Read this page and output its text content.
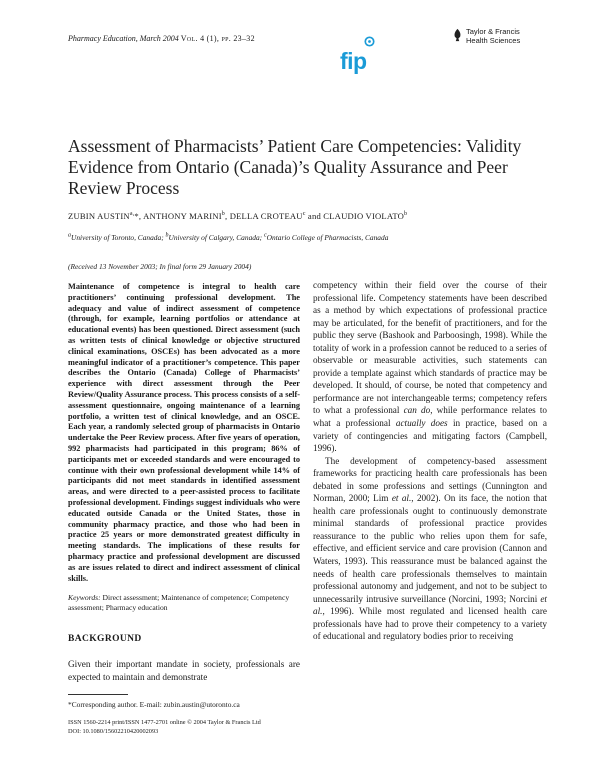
Pharmacy Education, March 2004 Vol. 4 (1), pp. 23–32
fip
Taylor & Francis
Health Sciences
Assessment of Pharmacists’ Patient Care Competencies: Validity Evidence from Ontario (Canada)’s Quality Assurance and Peer Review Process
ZUBIN $AUSTIN^{a,}*$, ANTHONY MARINI$^b$, DELLA CROTEAU$^c$ and CLAUDIO VIOLATO$^b$
$^a$University of Toronto, Canada; $^b$University of Calgary, Canada; $^c$Ontario College of Pharmacists, Canada
(Received 13 November 2003; In final form 29 January 2004)
Maintenance of competence is integral to health care practitioners’ continuing professional development. The adequacy and value of indirect assessment of competence (through, for example, learning portfolios or attendance at educational events) has been questioned. Direct assessment (such as written tests of clinical knowledge or objective structured clinical examinations, OSCEs) has been advocated as a more meaningful indicator of a practitioner’s competence. This paper describes the Ontario (Canada) College of Pharmacists’ experience with direct assessment through the Peer Review/Quality Assurance process. This process consists of a self-assessment questionnaire, ongoing maintenance of a learning portfolio, a written test of clinical knowledge, and an OSCE. Each year, a randomly selected group of pharmacists in Ontario undertake the Peer Review process. After five years of operation, 992 pharmacists had participated in this program; 86% of participants met or exceeded standards and were encouraged to continue with their own professional development while 14% of participants did not meet standards in identified assessment areas, and were directed to a peer-assisted process to facilitate professional development. Findings suggest individuals who were educated outside Canada or the United States, those in community pharmacy practice, and those who had been in practice 25 years or more demonstrated greatest difficulty in meeting standards. The implications of these results for pharmacy practice and professional development are discussed as are issues related to direct and indirect assessment of clinical skills.
Keywords: Direct assessment; Maintenance of competence; Competency assessment; Pharmacy education
BACKGROUND
Given their important mandate in society, professionals are expected to maintain and demonstrate
*Corresponding author. E-mail: zubin.austin@utoronto.ca
ISSN 1560-2214 print/ISSN 1477-2701 online © 2004 Taylor & Francis Ltd
DOI: 10.1080/15602210420002093

competency within their field over the course of their professional life. Competency statements have been described as a method by which expectations of professional practice may be articulated, for the benefit of practitioners, and for the public they serve (Bashook and Parboosingh, 1998). While the totality of work in a profession cannot be reduced to a series of observable or measurable activities, such statements can provide a template against which standards of practice may be developed. It should, of course, be noted that competency and performance are not interchangeable terms; competency refers to what a professional can do, while performance relates to what a professional actually does in practice, based on a variety of contingencies and mitigating factors (Campbell, 1996).

The development of competency-based assessment frameworks for practicing health care professionals has been debated in some professions and settings (Cunnington and Norman, 2000; Lim et al., 2002). On its face, the notion that health care professionals ought to continuously demonstrate minimal standards of professional practice provides reassurance to the public who relies upon them for safe, effective, and efficient service and care provision (Cannon and Waters, 1993). This reassurance must be balanced against the needs of health care professionals themselves to maintain professional autonomy and judgement, and not to be subject to unnecessarily intrusive surveillance (Norcini, 1993; Norcini et al., 1996). While most regulated and licensed health care professionals have had to prove their competency to a variety of educational and regulatory bodies prior to receiving
